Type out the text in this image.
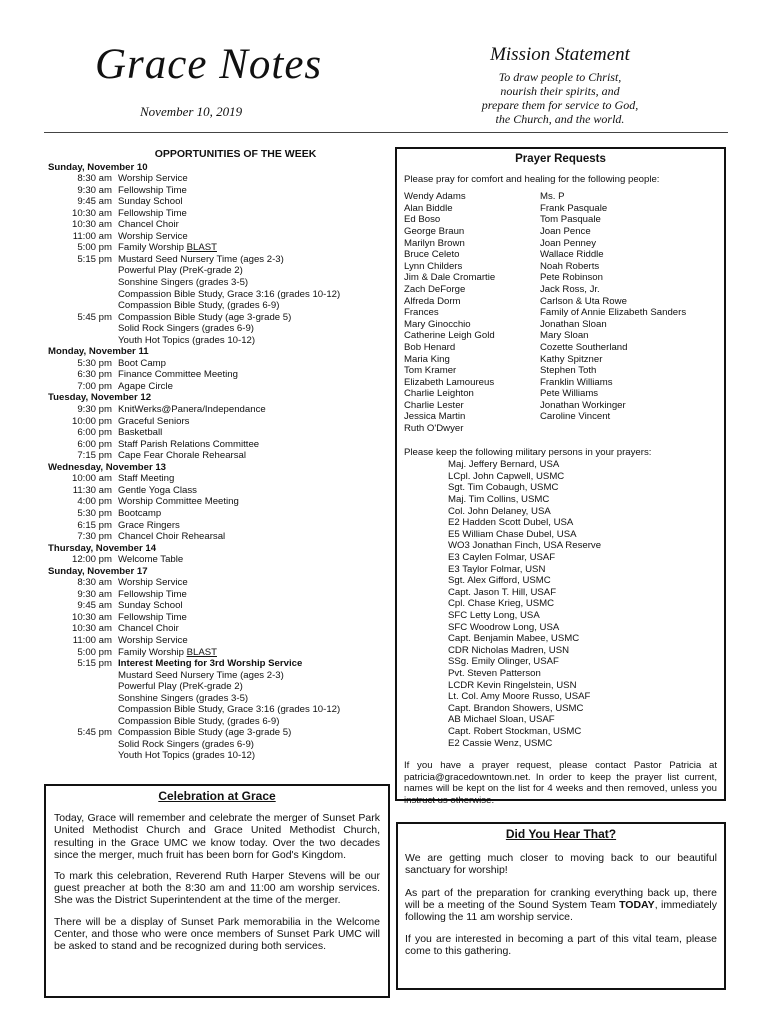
Grace Notes
November 10, 2019
Mission Statement
To draw people to Christ,
nourish their spirits, and
prepare them for service to God,
the Church, and the world.
OPPORTUNITIES OF THE WEEK
Sunday, November 10
8:30 am Worship Service
9:30 am Fellowship Time
9:45 am Sunday School
10:30 am Fellowship Time
10:30 am Chancel Choir
11:00 am Worship Service
5:00 pm Family Worship BLAST
5:15 pm Mustard Seed Nursery Time (ages 2-3)
Powerful Play (PreK-grade 2)
Sonshine Singers (grades 3-5)
Compassion Bible Study, Grace 3:16 (grades 10-12)
Compassion Bible Study, (grades 6-9)
5:45 pm Compassion Bible Study (age 3-grade 5)
Solid Rock Singers (grades 6-9)
Youth Hot Topics (grades 10-12)
Monday, November 11
5:30 pm Boot Camp
6:30 pm Finance Committee Meeting
7:00 pm Agape Circle
Tuesday, November 12
9:30 pm KnitWerks@Panera/Independance
10:00 pm Graceful Seniors
6:00 pm Basketball
6:00 pm Staff Parish Relations Committee
7:15 pm Cape Fear Chorale Rehearsal
Wednesday, November 13
10:00 am Staff Meeting
11:30 am Gentle Yoga Class
4:00 pm Worship Committee Meeting
5:30 pm Bootcamp
6:15 pm Grace Ringers
7:30 pm Chancel Choir Rehearsal
Thursday, November 14
12:00 pm Welcome Table
Sunday, November 17
8:30 am Worship Service
9:30 am Fellowship Time
9:45 am Sunday School
10:30 am Fellowship Time
10:30 am Chancel Choir
11:00 am Worship Service
5:00 pm Family Worship BLAST
5:15 pm Interest Meeting for 3rd Worship Service
Mustard Seed Nursery Time (ages 2-3)
Powerful Play (PreK-grade 2)
Sonshine Singers (grades 3-5)
Compassion Bible Study, Grace 3:16 (grades 10-12)
Compassion Bible Study, (grades 6-9)
5:45 pm Compassion Bible Study (age 3-grade 5)
Solid Rock Singers (grades 6-9)
Youth Hot Topics (grades 10-12)
Prayer Requests
Please pray for comfort and healing for the following people:
Wendy Adams
Alan Biddle
Ed Boso
George Braun
Marilyn Brown
Bruce Celeto
Lynn Childers
Jim & Dale Cromartie
Zach DeForge
Alfreda Dorm
Frances
Mary Ginocchio
Catherine Leigh Gold
Bob Henard
Maria King
Tom Kramer
Elizabeth Lamoureus
Charlie Leighton
Charlie Lester
Jessica Martin
Ruth O'Dwyer
Ms. P
Frank Pasquale
Tom Pasquale
Joan Pence
Joan Penney
Wallace Riddle
Noah Roberts
Pete Robinson
Jack Ross, Jr.
Carlson & Uta Rowe
Family of Annie Elizabeth Sanders
Jonathan Sloan
Mary Sloan
Cozette Southerland
Kathy Spitzner
Stephen Toth
Franklin Williams
Pete Williams
Jonathan Workinger
Caroline Vincent
Please keep the following military persons in your prayers:
Maj. Jeffery Bernard, USA
LCpl. John Capwell, USMC
Sgt. Tim Cobaugh, USMC
Maj. Tim Collins, USMC
Col. John Delaney, USA
E2 Hadden Scott Dubel, USA
E5 William Chase Dubel, USA
WO3 Jonathan Finch, USA Reserve
E3 Caylen Folmar, USAF
E3 Taylor Folmar, USN
Sgt. Alex Gifford, USMC
Capt. Jason T. Hill, USAF
Cpl. Chase Krieg, USMC
SFC Letty Long, USA
SFC Woodrow Long, USA
Capt. Benjamin Mabee, USMC
CDR Nicholas Madren, USN
SSg. Emily Olinger, USAF
Pvt. Steven Patterson
LCDR Kevin Ringelstein, USN
Lt. Col. Amy Moore Russo, USAF
Capt. Brandon Showers, USMC
AB Michael Sloan, USAF
Capt. Robert Stockman, USMC
E2 Cassie Wenz, USMC
If you have a prayer request, please contact Pastor Patricia at patricia@gracedowntown.net. In order to keep the prayer list current, names will be kept on the list for 4 weeks and then removed, unless you instruct us otherwise.
Celebration at Grace

Today, Grace will remember and celebrate the merger of Sunset Park United Methodist Church and Grace United Methodist Church, resulting in the Grace UMC we know today. Over the two decades since the merger, much fruit has been born for God's Kingdom.

To mark this celebration, Reverend Ruth Harper Stevens will be our guest preacher at both the 8:30 am and 11:00 am worship services. She was the District Superintendent at the time of the merger.

There will be a display of Sunset Park memorabilia in the Welcome Center, and those who were once members of Sunset Park UMC will be asked to stand and be recognized during both services.

Did You Hear That?

We are getting much closer to moving back to our beautiful sanctuary for worship!

As part of the preparation for cranking everything back up, there will be a meeting of the Sound System Team TODAY, immediately following the 11 am worship service.

If you are interested in becoming a part of this vital team, please come to this gathering.
